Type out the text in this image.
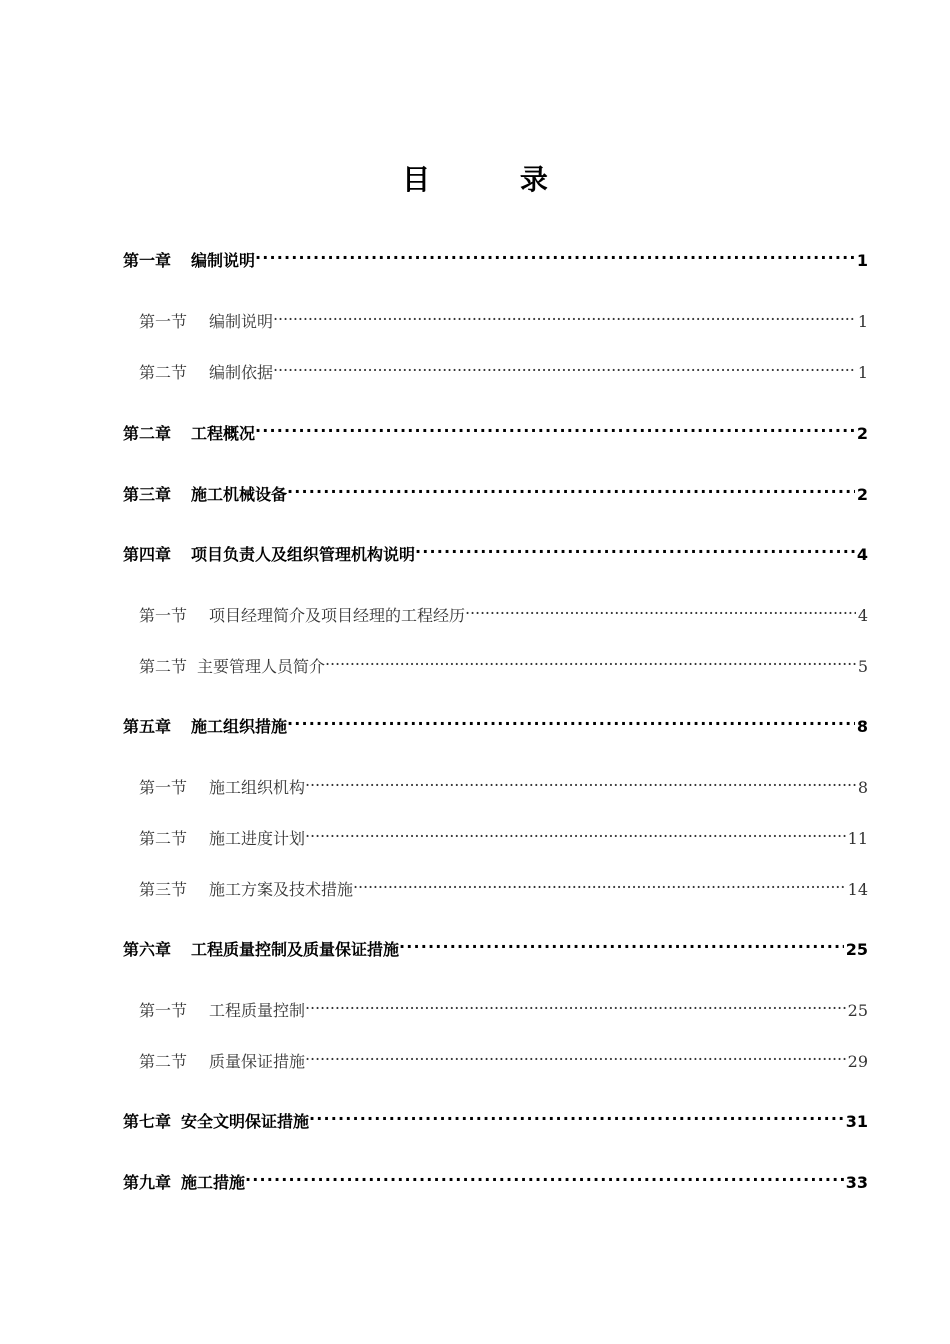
目 录
第一章 编制说明 . . .	1
第一节 编制说明 . . .	1
第二节 编制依据 . . .	1
第二章 工程概况 . . .	2
第三章 施工机械设备 . . .	2
第四章 项目负责人及组织管理机构说明 . . .	4
第一节 项目经理简介及项目经理的工程经历 . . .	4
第二节 主要管理人员简介 . . .	5
第五章 施工组织措施 . . .	8
第一节 施工组织机构 . . .	8
第二节 施工进度计划 . . .	11
第三节 施工方案及技术措施 . . .	14
第六章 工程质量控制及质量保证措施 . . .	25
第一节 工程质量控制 . . .	25
第二节 质量保证措施 . . .	29
第七章 安全文明保证措施 . . .	31
第九章 施工措施 . . .	33
